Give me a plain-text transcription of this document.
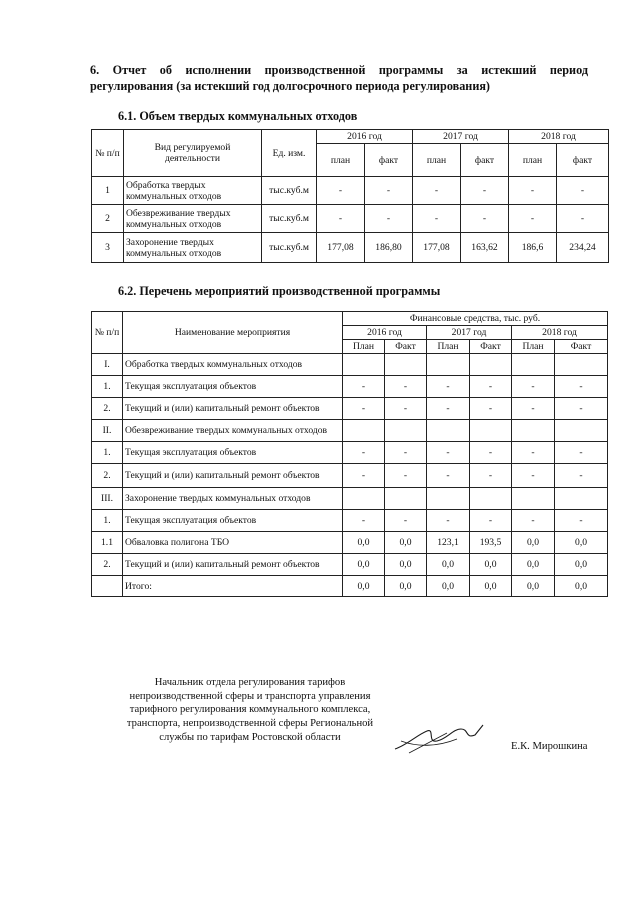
6. Отчет об исполнении производственной программы за истекший период регулирования (за истекший год долгосрочного периода регулирования)
6.1. Объем твердых коммунальных отходов
№ п/п	Вид регулируемой деятельности	Ед. изм.	2016 год		2017 год		2018 год	
			план	факт	план	факт	план	факт
1	Обработка твердых коммунальных отходов	тыс.куб.м	-	-	-	-	-	-
2	Обезвреживание твердых коммунальных отходов	тыс.куб.м	-	-	-	-	-	-
3	Захоронение твердых коммунальных отходов	тыс.куб.м	177,08	186,80	177,08	163,62	186,6	234,24
6.2. Перечень мероприятий производственной программы
№ п/п	Наименование мероприятия	Финансовые средства, тыс. руб.					
		2016 год		2017 год		2018 год	
		План	Факт	План	Факт	План	Факт
I.	Обработка твердых коммунальных отходов						
1.	Текущая эксплуатация объектов	-	-	-	-	-	-
2.	Текущий и (или) капитальный ремонт объектов	-	-	-	-	-	-
II.	Обезвреживание твердых коммунальных отходов						
1.	Текущая эксплуатация объектов	-	-	-	-	-	-
2.	Текущий и (или) капитальный ремонт объектов	-	-	-	-	-	-
III.	Захоронение твердых коммунальных отходов						
1.	Текущая эксплуатация объектов	-	-	-	-	-	-
1.1	Обваловка полигона ТБО	0,0	0,0	123,1	193,5	0,0	0,0
2.	Текущий и (или) капитальный ремонт объектов	0,0	0,0	0,0	0,0	0,0	0,0
	Итого:	0,0	0,0	0,0	0,0	0,0	0,0
Начальник отдела регулирования тарифов
непроизводственной сферы и транспорта управления
тарифного регулирования коммунального комплекса,
транспорта, непроизводственной сферы Региональной
службы по тарифам Ростовской области
Е.К. Мирошкина
